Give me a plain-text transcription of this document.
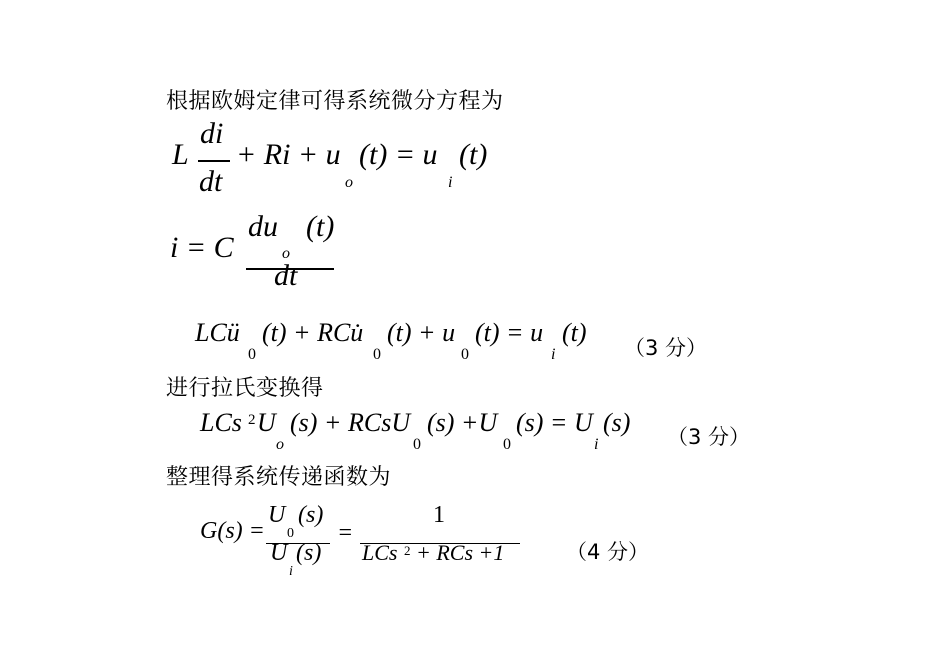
根据欧姆定律可得系统微分方程为
L
di
dt
+ Ri + u
o
(t) = u
i
(t)
i = C
du (t)
o
dt
LCü
0
(t) + RCu̇
0
(t) + u
0
(t) = u
i
(t)
（3 分）
进行拉氏变换得
LCs 2 U
o
(s) + RCsU
0
(s) +U
0
(s) = U
i
(s) （3 分）
整理得系统传递函数为
G(s) =
U
0
(s)
U
i
(s)
=
1
LCs 2 + RCs +1	（4 分）
